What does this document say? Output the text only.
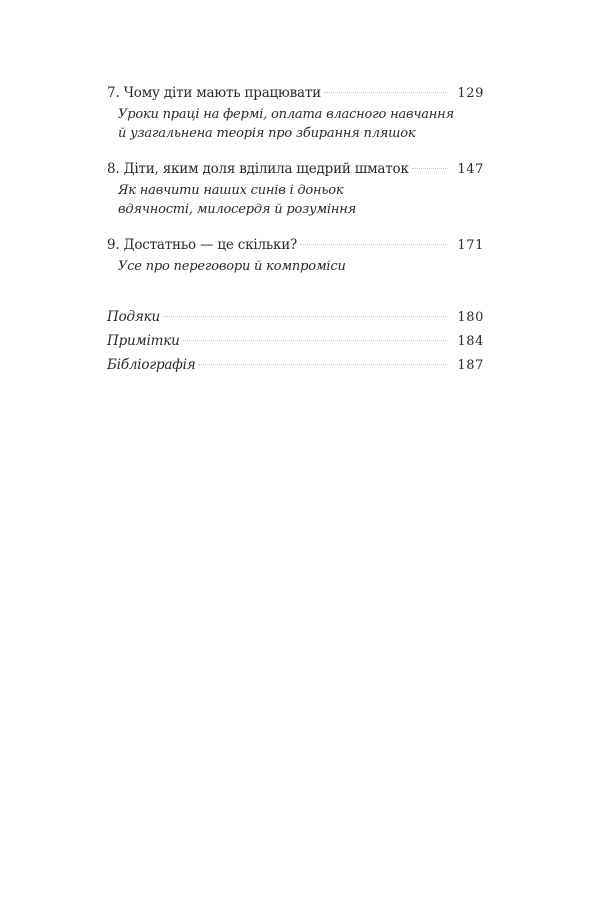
7. Чому діти мають працювати	129
Уроки праці на фермі, оплата власного навчання
й узагальнена теорія про збирання пляшок
8. Діти, яким доля вділила щедрий шматок	147
Як навчити наших синів і доньок
вдячності, милосердя й розуміння
9. Достатньо — це скільки?	171
Усе про переговори й компроміси
Подяки	180
Примітки	184
Бібліографія	187
